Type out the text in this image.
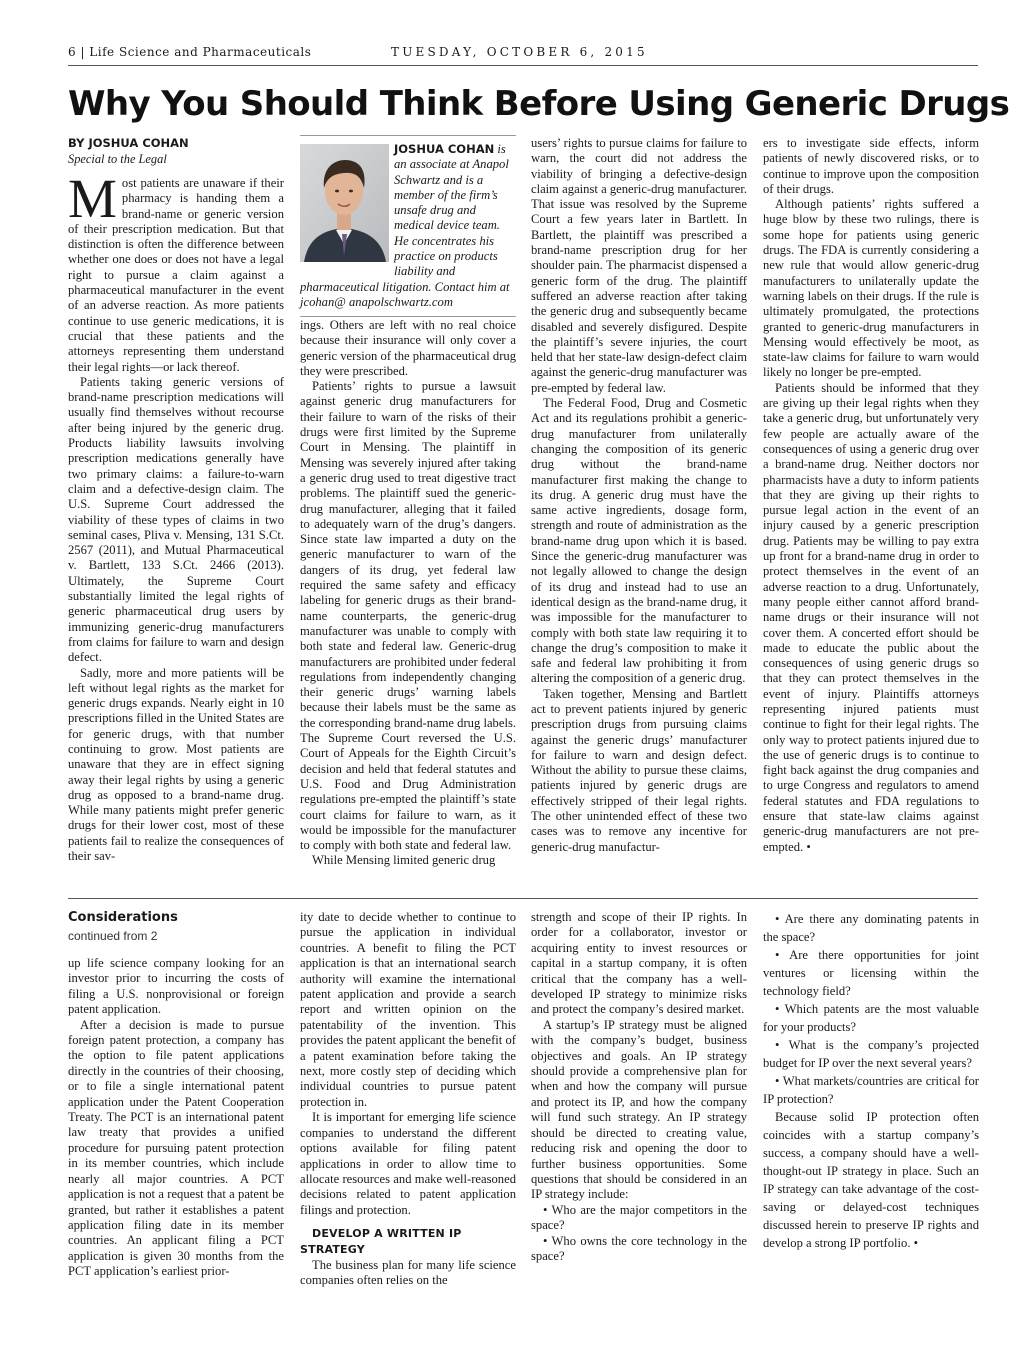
6 | Life Science and Pharmaceuticals	TUESDAY, OCTOBER 6, 2015
Why You Should Think Before Using Generic Drugs
BY JOSHUA COHAN
Special to the Legal

Most patients are unaware if their pharmacy is handing them a brand-name or generic version of their prescription medication. But that distinction is often the difference between whether one does or does not have a legal right to pursue a claim against a pharmaceutical manufacturer in the event of an adverse reaction. As more patients continue to use generic medications, it is crucial that these patients and the attorneys representing them understand their legal rights—or lack thereof.

Patients taking generic versions of brand-name prescription medications will usually find themselves without recourse after being injured by the generic drug. Products liability lawsuits involving prescription medications generally have two primary claims: a failure-to-warn claim and a defective-design claim. The U.S. Supreme Court addressed the viability of these types of claims in two seminal cases, Pliva v. Mensing, 131 S.Ct. 2567 (2011), and Mutual Pharmaceutical v. Bartlett, 133 S.Ct. 2466 (2013). Ultimately, the Supreme Court substantially limited the legal rights of generic pharmaceutical drug users by immunizing generic-drug manufacturers from claims for failure to warn and design defect.

Sadly, more and more patients will be left without legal rights as the market for generic drugs expands. Nearly eight in 10 prescriptions filled in the United States are for generic drugs, with that number continuing to grow. Most patients are unaware that they are in effect signing away their legal rights by using a generic drug as opposed to a brand-name drug. While many patients might prefer generic drugs for their lower cost, most of these patients fail to realize the consequences of their sav-

JOSHUA COHAN is an associate at Anapol Schwartz and is a member of the firm’s unsafe drug and medical device team. He concentrates his practice on products liability and pharmaceutical litigation. Contact him at jcohan@ anapolschwartz.com

ings. Others are left with no real choice because their insurance will only cover a generic version of the pharmaceutical drug they were prescribed.

Patients’ rights to pursue a lawsuit against generic drug manufacturers for their failure to warn of the risks of their drugs were first limited by the Supreme Court in Mensing. The plaintiff in Mensing was severely injured after taking a generic drug used to treat digestive tract problems. The plaintiff sued the generic-drug manufacturer, alleging that it failed to adequately warn of the drug’s dangers. Since state law imparted a duty on the generic manufacturer to warn of the dangers of its drug, yet federal law required the same safety and efficacy labeling for generic drugs as their brand-name counterparts, the generic-drug manufacturer was unable to comply with both state and federal law. Generic-drug manufacturers are prohibited under federal regulations from independently changing their generic drugs’ warning labels because their labels must be the same as the corresponding brand-name drug labels. The Supreme Court reversed the U.S. Court of Appeals for the Eighth Circuit’s decision and held that federal statutes and U.S. Food and Drug Administration regulations pre-empted the plaintiff’s state court claims for failure to warn, as it would be impossible for the manufacturer to comply with both state and federal law.

While Mensing limited generic drug

users’ rights to pursue claims for failure to warn, the court did not address the viability of bringing a defective-design claim against a generic-drug manufacturer. That issue was resolved by the Supreme Court a few years later in Bartlett. In Bartlett, the plaintiff was prescribed a brand-name prescription drug for her shoulder pain. The pharmacist dispensed a generic form of the drug. The plaintiff suffered an adverse reaction after taking the generic drug and subsequently became disabled and severely disfigured. Despite the plaintiff’s severe injuries, the court held that her state-law design-defect claim against the generic-drug manufacturer was pre-empted by federal law.

The Federal Food, Drug and Cosmetic Act and its regulations prohibit a generic-drug manufacturer from unilaterally changing the composition of its generic drug without the brand-name manufacturer first making the change to its drug. A generic drug must have the same active ingredients, dosage form, strength and route of administration as the brand-name drug upon which it is based. Since the generic-drug manufacturer was not legally allowed to change the design of its drug and instead had to use an identical design as the brand-name drug, it was impossible for the manufacturer to comply with both state law requiring it to change the drug’s composition to make it safe and federal law prohibiting it from altering the composition of a generic drug.

Taken together, Mensing and Bartlett act to prevent patients injured by generic prescription drugs from pursuing claims against the generic drugs’ manufacturer for failure to warn and design defect. Without the ability to pursue these claims, patients injured by generic drugs are effectively stripped of their legal rights. The other unintended effect of these two cases was to remove any incentive for generic-drug manufactur-

ers to investigate side effects, inform patients of newly discovered risks, or to continue to improve upon the composition of their drugs.

Although patients’ rights suffered a huge blow by these two rulings, there is some hope for patients using generic drugs. The FDA is currently considering a new rule that would allow generic-drug manufacturers to unilaterally update the warning labels on their drugs. If the rule is ultimately promulgated, the protections granted to generic-drug manufacturers in Mensing would effectively be moot, as state-law claims for failure to warn would likely no longer be pre-empted.

Patients should be informed that they are giving up their legal rights when they take a generic drug, but unfortunately very few people are actually aware of the consequences of using a generic drug over a brand-name drug. Neither doctors nor pharmacists have a duty to inform patients that they are giving up their rights to pursue legal action in the event of an injury caused by a generic prescription drug. Patients may be willing to pay extra up front for a brand-name drug in order to protect themselves in the event of an adverse reaction to a drug. Unfortunately, many people either cannot afford brand-name drugs or their insurance will not cover them. A concerted effort should be made to educate the public about the consequences of using generic drugs so that they can protect themselves in the event of injury. Plaintiffs attorneys representing injured patients must continue to fight for their legal rights. The only way to protect patients injured due to the use of generic drugs is to continue to fight back against the drug companies and to urge Congress and regulators to amend federal statutes and FDA regulations to ensure that state-law claims against generic-drug manufacturers are not pre-empted. •

Considerations
continued from 2

up life science company looking for an investor prior to incurring the costs of filing a U.S. nonprovisional or foreign patent application.

After a decision is made to pursue foreign patent protection, a company has the option to file patent applications directly in the countries of their choosing, or to file a single international patent application under the Patent Cooperation Treaty. The PCT is an international patent law treaty that provides a unified procedure for pursuing patent protection in its member countries, which include nearly all major countries. A PCT application is not a request that a patent be granted, but rather it establishes a patent application filing date in its member countries. An applicant filing a PCT application is given 30 months from the PCT application’s earliest prior-

ity date to decide whether to continue to pursue the application in individual countries. A benefit to filing the PCT application is that an international search authority will examine the international patent application and provide a search report and written opinion on the patentability of the invention. This provides the patent applicant the benefit of a patent examination before taking the next, more costly step of deciding which individual countries to pursue patent protection in.

It is important for emerging life science companies to understand the different options available for filing patent applications in order to allow time to allocate resources and make well-reasoned decisions related to patent application filings and protection.

DEVELOP A WRITTEN IP STRATEGY

The business plan for many life science companies often relies on the

strength and scope of their IP rights. In order for a collaborator, investor or acquiring entity to invest resources or capital in a startup company, it is often critical that the company has a well-developed IP strategy to minimize risks and protect the company’s desired market.

A startup’s IP strategy must be aligned with the company’s budget, business objectives and goals. An IP strategy should provide a comprehensive plan for when and how the company will pursue and protect its IP, and how the company will fund such strategy. An IP strategy should be directed to creating value, reducing risk and opening the door to further business opportunities. Some questions that should be considered in an IP strategy include:

• Who are the major competitors in the space?

• Who owns the core technology in the space?

• Are there any dominating patents in the space?

• Are there opportunities for joint ventures or licensing within the technology field?

• Which patents are the most valuable for your products?

• What is the company’s projected budget for IP over the next several years?

• What markets/countries are critical for IP protection?

Because solid IP protection often coincides with a startup company’s success, a company should have a well-thought-out IP strategy in place. Such an IP strategy can take advantage of the cost-saving or delayed-cost techniques discussed herein to preserve IP rights and develop a strong IP portfolio. •
